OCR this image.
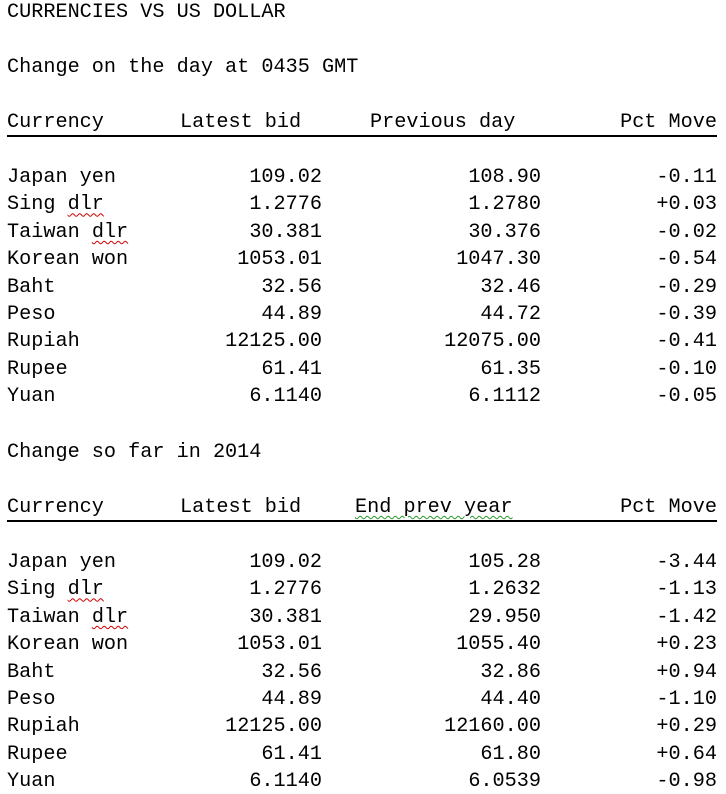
CURRENCIES VS US DOLLAR
Change on the day at 0435 GMT
Currency	Latest bid	Previous day	Pct Move
Japan yen	109.02	108.90	-0.11
Sing dlr	1.2776	1.2780	+0.03
Taiwan dlr	30.381	30.376	-0.02
Korean won	1053.01	1047.30	-0.54
Baht	32.56	32.46	-0.29
Peso	44.89	44.72	-0.39
Rupiah	12125.00	12075.00	-0.41
Rupee	61.41	61.35	-0.10
Yuan	6.1140	6.1112	-0.05
Change so far in 2014
Currency	Latest bid	End prev year	Pct Move
Japan yen	109.02	105.28	-3.44
Sing dlr	1.2776	1.2632	-1.13
Taiwan dlr	30.381	29.950	-1.42
Korean won	1053.01	1055.40	+0.23
Baht	32.56	32.86	+0.94
Peso	44.89	44.40	-1.10
Rupiah	12125.00	12160.00	+0.29
Rupee	61.41	61.80	+0.64
Yuan	6.1140	6.0539	-0.98
